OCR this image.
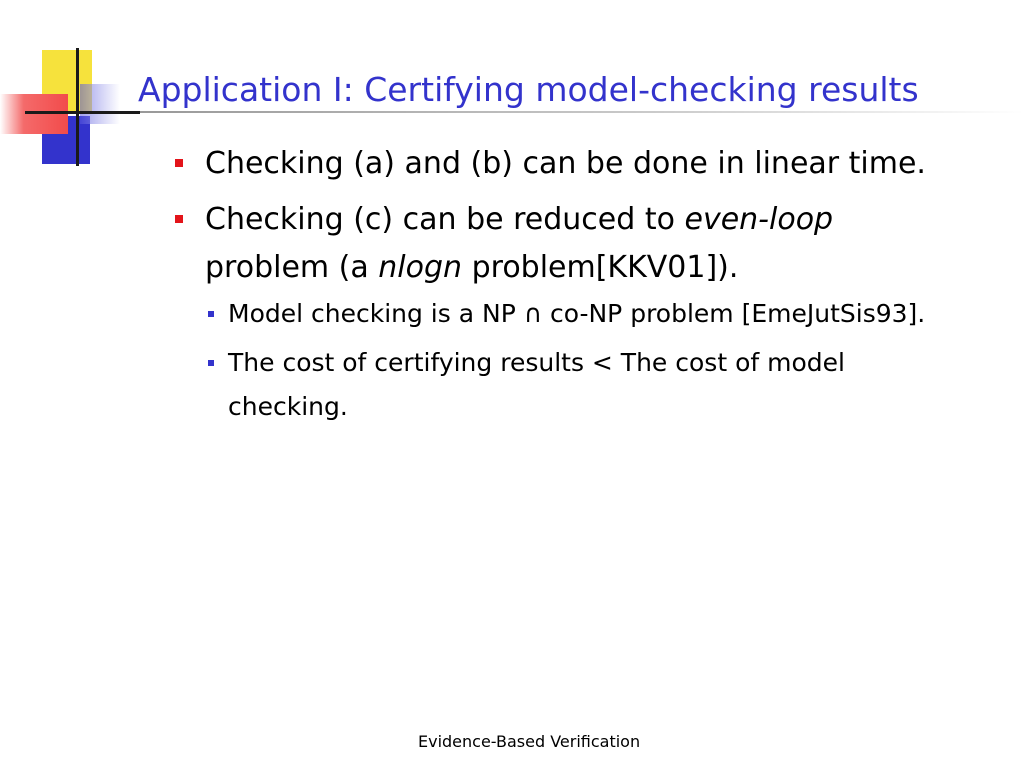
Application I: Certifying model-checking results
Checking (a) and (b) can be done in linear time.
Checking (c) can be reduced to even-loop problem (a nlogn problem[KKV01]).
Model checking is a NP ∩ co-NP problem [EmeJutSis93].
The cost of certifying results < The cost of model checking.
Evidence-Based Verification
